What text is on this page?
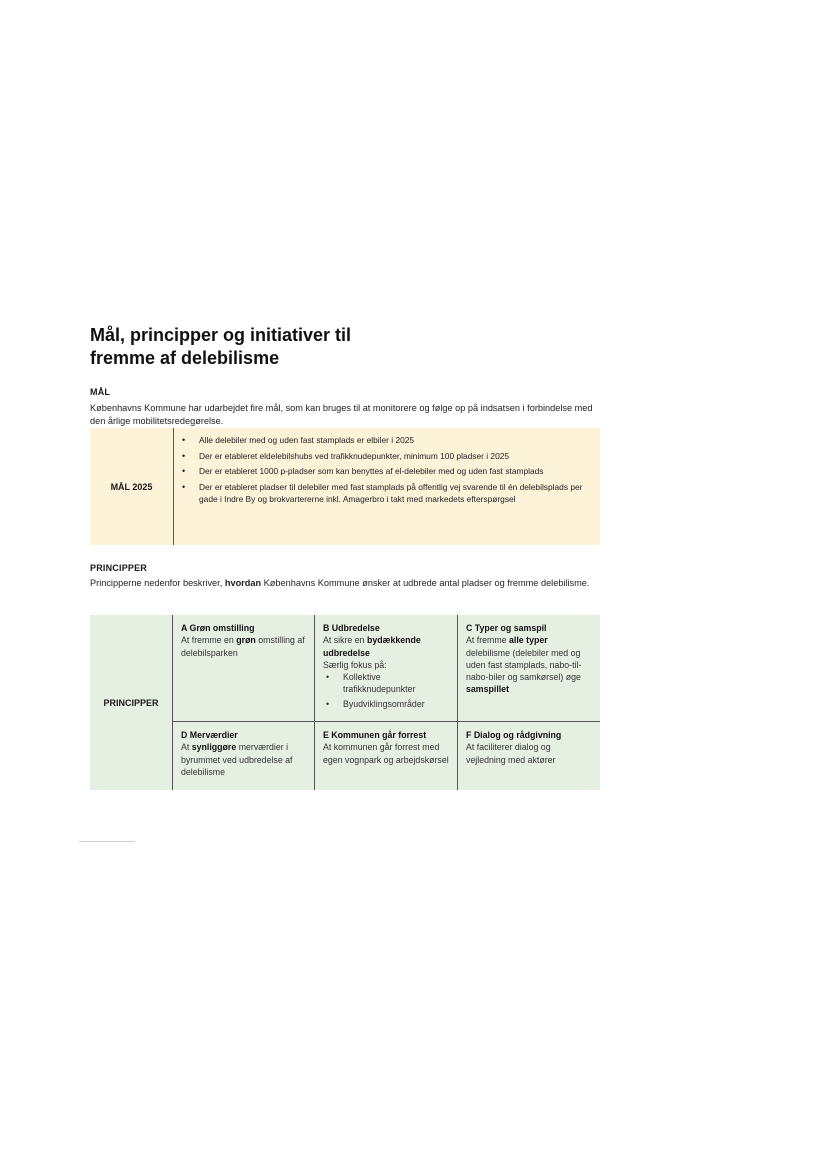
Mål, principper og initiativer til
fremme af delebilisme
MÅL

Københavns Kommune har udarbejdet fire mål, som kan bruges til at monitorere og følge op på indsatsen i forbindelse med den årlige mobilitetsredegørelse.

MÅL 2025
• Alle delebiler med og uden fast stamplads er elbiler i 2025
• Der er etableret eldelebilshubs ved trafikknudepunkter, minimum 100 pladser i 2025
• Der er etableret 1000 p-pladser som kan benyttes af el-delebiler med og uden fast stamplads
• Der er etableret pladser til delebiler med fast stamplads på offentlig vej svarende til én delebilsplads per gade i Indre By og brokvartererne inkl. Amagerbro i takt med markedets efterspørgsel
PRINCIPPER

Principperne nedenfor beskriver, hvordan Københavns Kommune ønsker at udbrede antal pladser og fremme delebilisme.

PRINCIPPER
A Grøn omstilling
At fremme en grøn omstilling af delebilsparken
B Udbredelse
At sikre en bydækkende udbredelse
Særlig fokus på:
• Kollektive trafikknudepunkter
• Byudviklingsområder
C Typer og samspil
At fremme alle typer delebilisme (delebiler med og uden fast stamplads, nabo-til-nabo-biler og samkørsel) øge samspillet
D Merværdier
At synliggøre merværdier i byrummet ved udbredelse af delebilisme
E Kommunen går forrest
At kommunen går forrest med egen vognpark og arbejdskørsel
F Dialog og rådgivning
At faciliterer dialog og vejledning med aktører
